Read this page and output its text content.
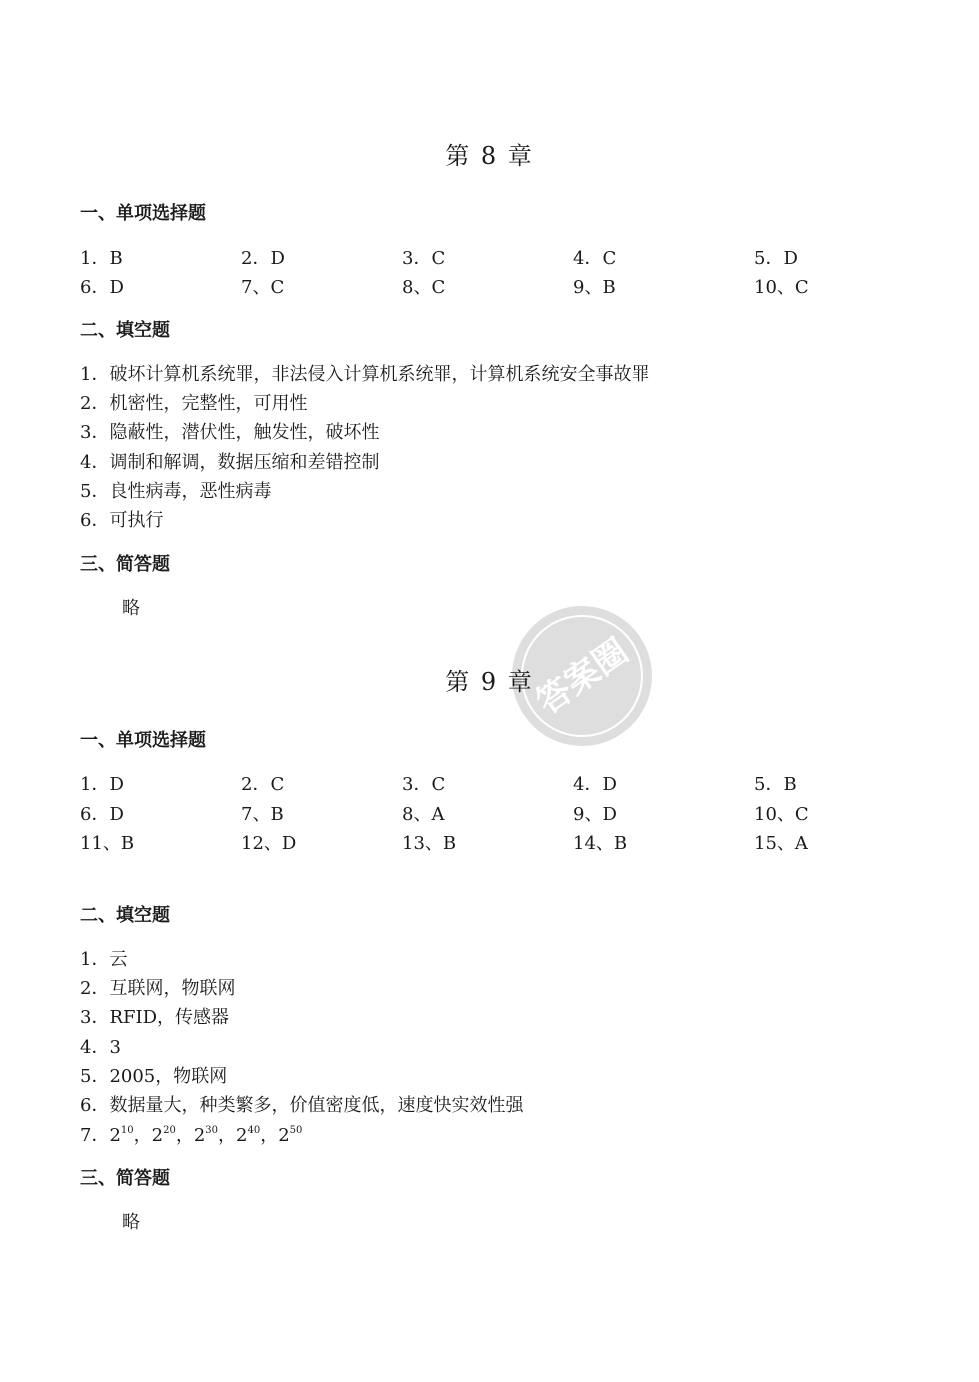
第 8 章
一、单项选择题
1．B	2．D	3．C	4．C	5．D
6．D	7、C	8、C	9、B	10、C
二、填空题
1．破坏计算机系统罪，非法侵入计算机系统罪，计算机系统安全事故罪
2．机密性，完整性，可用性
3．隐蔽性，潜伏性，触发性，破坏性
4．调制和解调，数据压缩和差错控制
5．良性病毒，恶性病毒
6．可执行
三、简答题
略
答案圈
第 9 章
一、单项选择题
1．D	2．C	3．C	4．D	5．B
6．D	7、B	8、A	9、D	10、C
11、B	12、D	13、B	14、B	15、A
二、填空题
1．云
2．互联网，物联网
3．RFID，传感器
4．3
5．2005，物联网
6．数据量大，种类繁多，价值密度低，速度快实效性强
7．$2^{10}$，$2^{20}$，$2^{30}$，$2^{40}$，$2^{50}$
三、简答题
略
